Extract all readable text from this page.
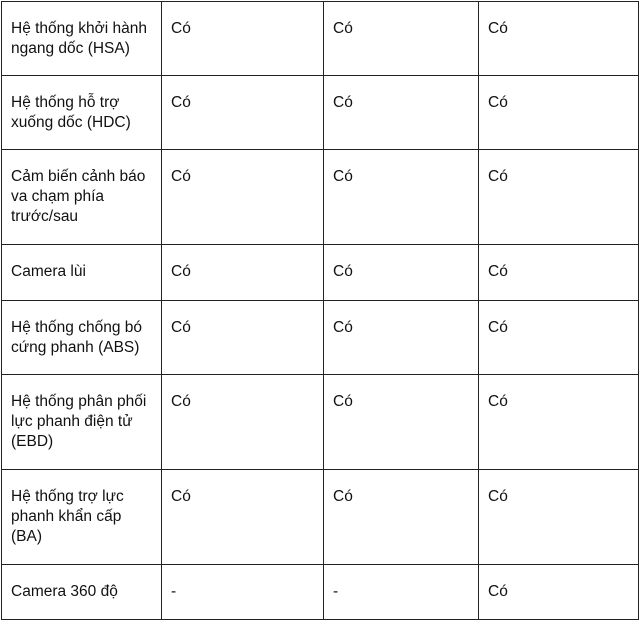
Hệ thống khởi hành ngang dốc (HSA)	Có	Có	Có
Hệ thống hỗ trợ xuống dốc (HDC)	Có	Có	Có
Cảm biến cảnh báo va chạm phía trước/sau	Có	Có	Có
Camera lùi	Có	Có	Có
Hệ thống chống bó cứng phanh (ABS)	Có	Có	Có
Hệ thống phân phối lực phanh điện tử (EBD)	Có	Có	Có
Hệ thống trợ lực phanh khẩn cấp (BA)	Có	Có	Có
Camera 360 độ	-	-	Có
